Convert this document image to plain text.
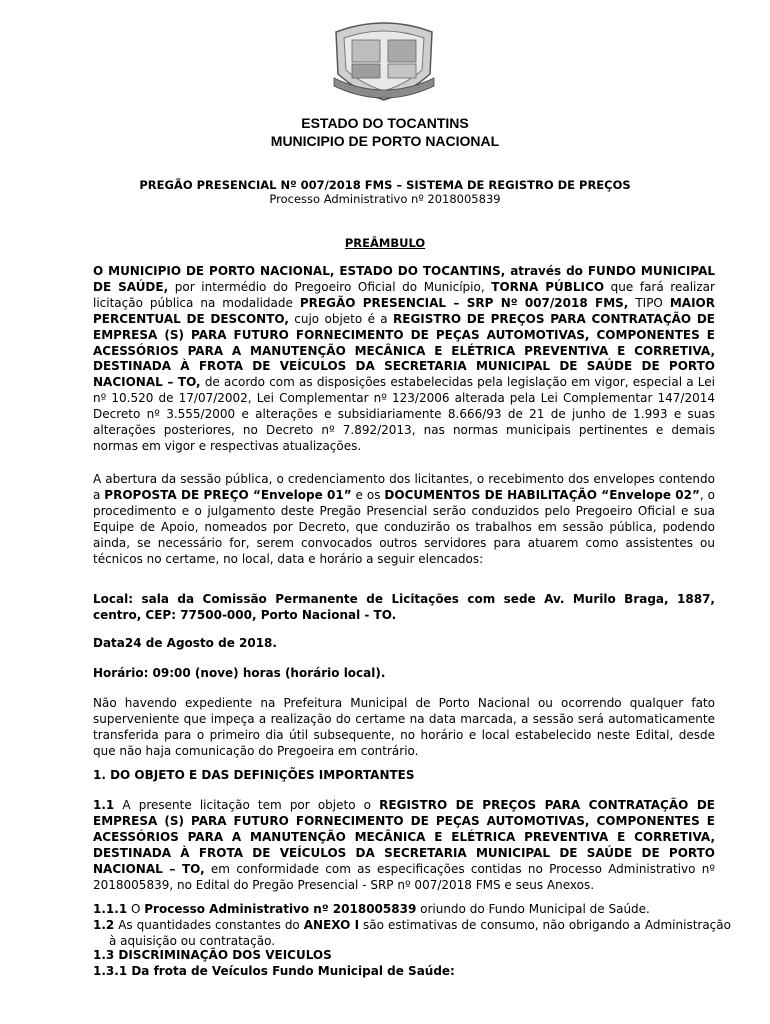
ESTADO DO TOCANTINS
MUNICIPIO DE PORTO NACIONAL
PREGÃO PRESENCIAL Nº 007/2018 FMS – SISTEMA DE REGISTRO DE PREÇOS
Processo Administrativo nº 2018005839
PREÂMBULO

O MUNICIPIO DE PORTO NACIONAL, ESTADO DO TOCANTINS, através do FUNDO MUNICIPAL DE SAÚDE, por intermédio do Pregoeiro Oficial do Município, TORNA PÚBLICO que fará realizar licitação pública na modalidade PREGÃO PRESENCIAL – SRP Nº 007/2018 FMS, TIPO MAIOR PERCENTUAL DE DESCONTO, cujo objeto é a REGISTRO DE PREÇOS PARA CONTRATAÇÃO DE EMPRESA (S) PARA FUTURO FORNECIMENTO DE PEÇAS AUTOMOTIVAS, COMPONENTES E ACESSÓRIOS PARA A MANUTENÇÃO MECÂNICA E ELÉTRICA PREVENTIVA E CORRETIVA, DESTINADA À FROTA DE VEÍCULOS DA SECRETARIA MUNICIPAL DE SAÚDE DE PORTO NACIONAL – TO, de acordo com as disposições estabelecidas pela legislação em vigor, especial a Lei nº 10.520 de 17/07/2002, Lei Complementar nº 123/2006 alterada pela Lei Complementar 147/2014 Decreto nº 3.555/2000 e alterações e subsidiariamente 8.666/93 de 21 de junho de 1.993 e suas alterações posteriores, no Decreto nº 7.892/2013, nas normas municipais pertinentes e demais normas em vigor e respectivas atualizações.

A abertura da sessão pública, o credenciamento dos licitantes, o recebimento dos envelopes contendo a PROPOSTA DE PREÇO “Envelope 01” e os DOCUMENTOS DE HABILITAÇÃO “Envelope 02”, o procedimento e o julgamento deste Pregão Presencial serão conduzidos pelo Pregoeiro Oficial e sua Equipe de Apoio, nomeados por Decreto, que conduzirão os trabalhos em sessão pública, podendo ainda, se necessário for, serem convocados outros servidores para atuarem como assistentes ou técnicos no certame, no local, data e horário a seguir elencados:

Local: sala da Comissão Permanente de Licitações com sede Av. Murilo Braga, 1887, centro, CEP: 77500-000, Porto Nacional - TO.

Data24 de Agosto de 2018.

Horário: 09:00 (nove) horas (horário local).

Não havendo expediente na Prefeitura Municipal de Porto Nacional ou ocorrendo qualquer fato superveniente que impeça a realização do certame na data marcada, a sessão será automaticamente transferida para o primeiro dia útil subsequente, no horário e local estabelecido neste Edital, desde que não haja comunicação do Pregoeira em contrário.

1. DO OBJETO E DAS DEFINIÇÕES IMPORTANTES

1.1 A presente licitação tem por objeto o REGISTRO DE PREÇOS PARA CONTRATAÇÃO DE EMPRESA (S) PARA FUTURO FORNECIMENTO DE PEÇAS AUTOMOTIVAS, COMPONENTES E ACESSÓRIOS PARA A MANUTENÇÃO MECÂNICA E ELÉTRICA PREVENTIVA E CORRETIVA, DESTINADA À FROTA DE VEÍCULOS DA SECRETARIA MUNICIPAL DE SAÚDE DE PORTO NACIONAL – TO, em conformidade com as especificações contidas no Processo Administrativo nº 2018005839, no Edital do Pregão Presencial - SRP nº 007/2018 FMS e seus Anexos.

1.1.1 O Processo Administrativo nº 2018005839 oriundo do Fundo Municipal de Saúde.

1.2 As quantidades constantes do ANEXO I são estimativas de consumo, não obrigando a Administração à aquisição ou contratação.

1.3 DISCRIMINAÇÃO DOS VEICULOS

1.3.1 Da frota de Veículos Fundo Municipal de Saúde:
